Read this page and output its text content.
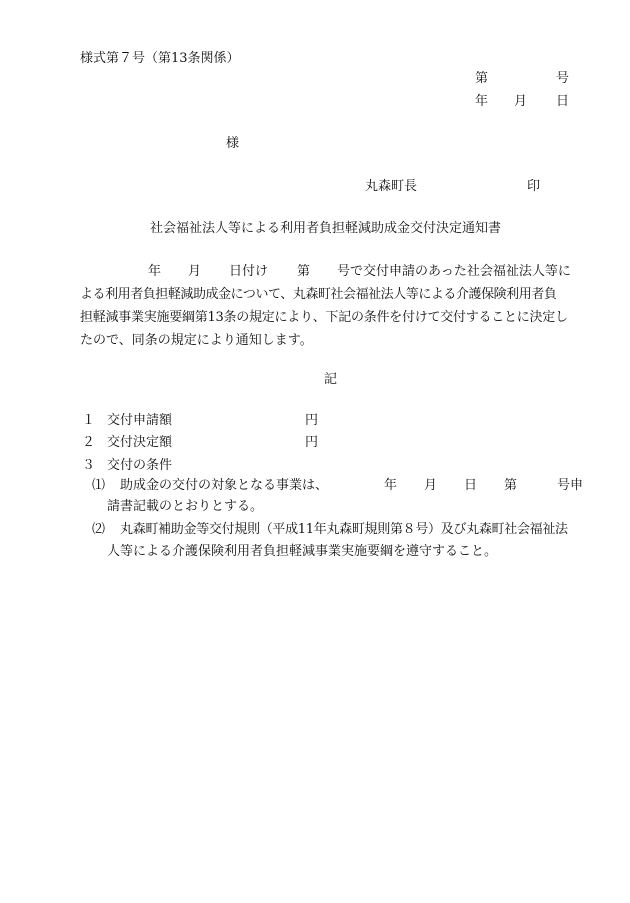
様式第７号（第13条関係）
第	号
年 月 日
様
丸森町長	印
社会福祉法人等による利用者負担軽減助成金交付決定通知書
年 月 日付け 第 号で交付申請のあった社会福祉法人等に
よる利用者負担軽減助成金について、丸森町社会福祉法人等による介護保険利用者負
担軽減事業実施要綱第13条の規定により、下記の条件を付けて交付することに決定し
たので、同条の規定により通知します。
記
１ 交付申請額	円
２ 交付決定額	円
３ 交付の条件
⑴ 助成金の交付の対象となる事業は、	年 月 日 第	号申
請書記載のとおりとする。
⑵ 丸森町補助金等交付規則（平成11年丸森町規則第８号）及び丸森町社会福祉法
人等による介護保険利用者負担軽減事業実施要綱を遵守すること。
